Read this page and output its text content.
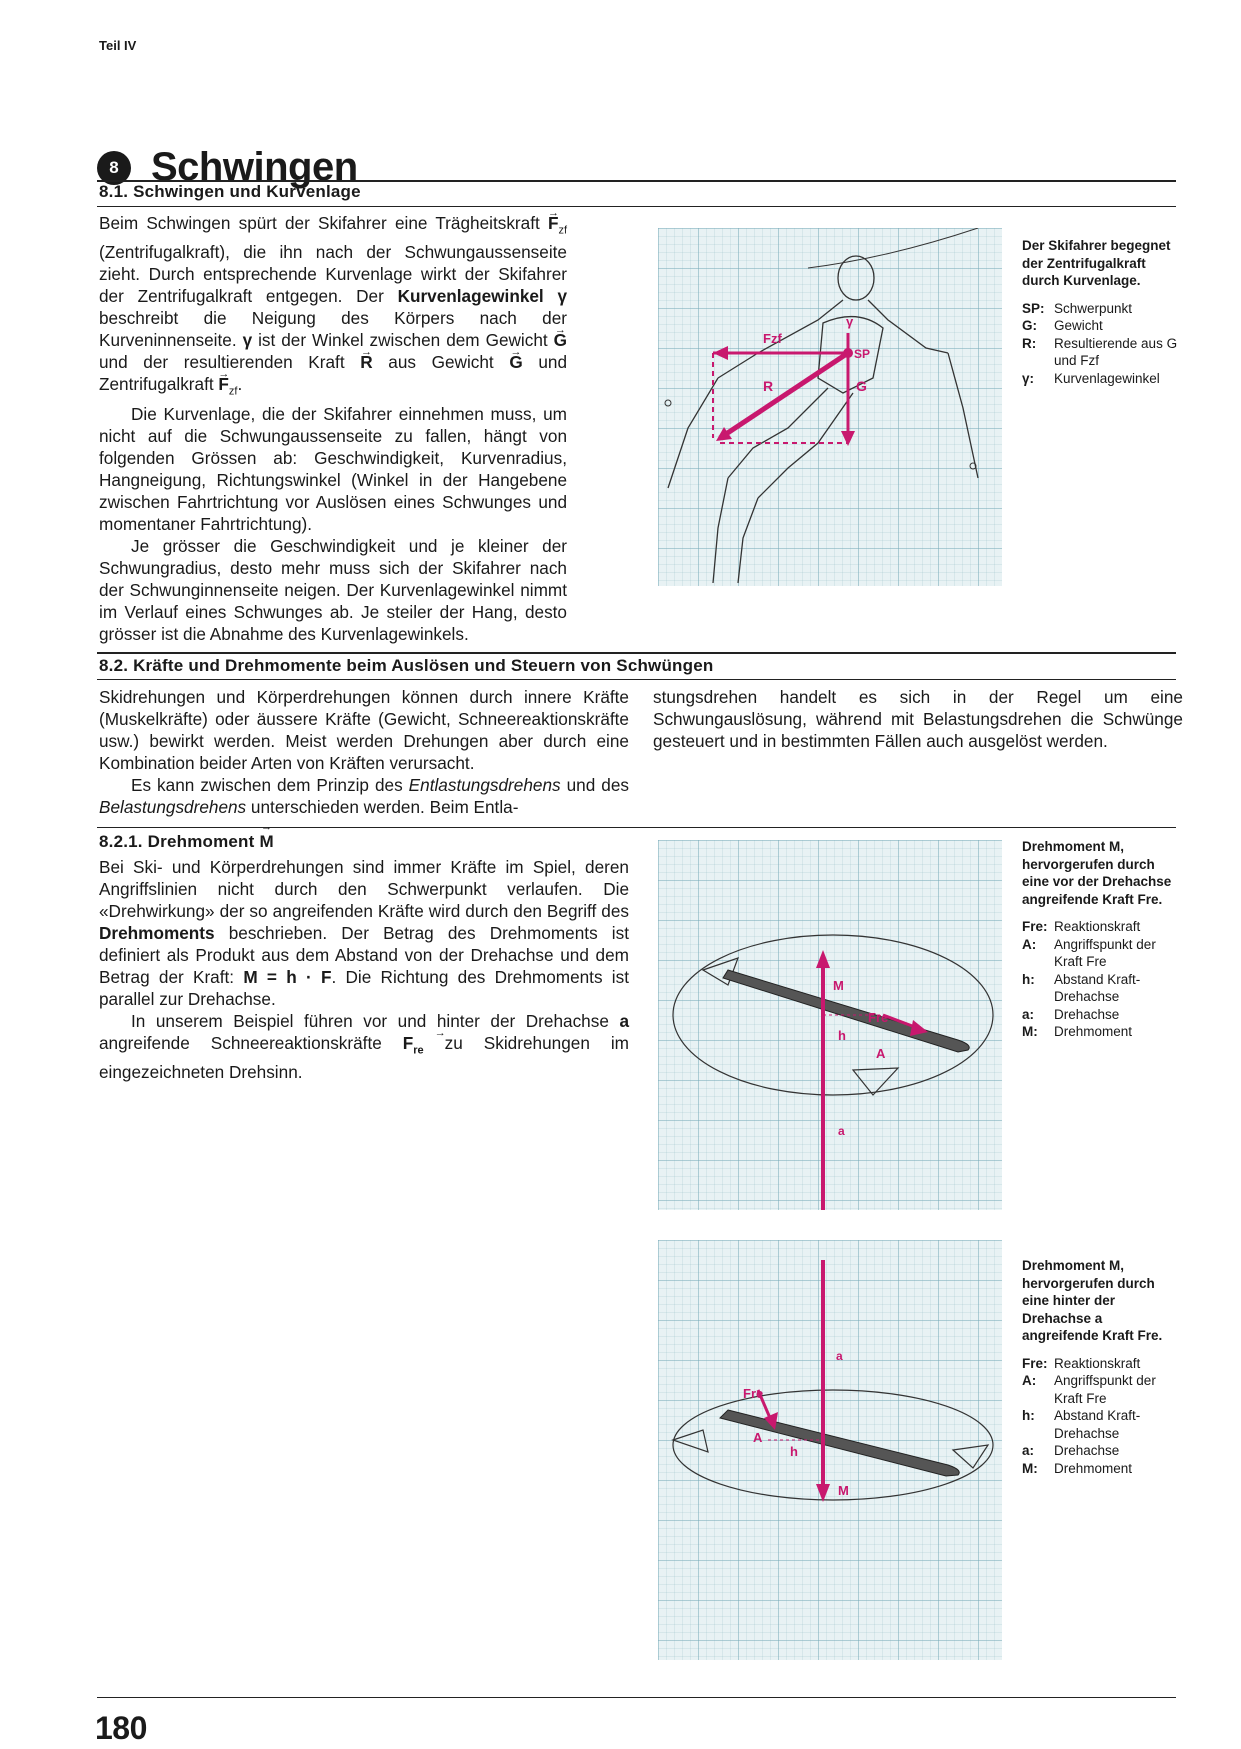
Teil IV
8 Schwingen
8.1. Schwingen und Kurvenlage

Beim Schwingen spürt der Skifahrer eine Trägheitskraft → $F_{zf}$ (Zentrifugalkraft), die ihn nach der Schwungaussenseite zieht. Durch entsprechende Kurvenlage wirkt der Skifahrer der Zentrifugalkraft entgegen. Der Kurvenlagewinkel γ beschreibt die Neigung des Körpers nach der Kurveninnenseite. γ ist der Winkel zwischen dem Gewicht → G und der resultierenden Kraft → R aus Gewicht → G und Zentrifugalkraft → $F_{zf}$.

Die Kurvenlage, die der Skifahrer einnehmen muss, um nicht auf die Schwungaussenseite zu fallen, hängt von folgenden Grössen ab: Geschwindigkeit, Kurvenradius, Hangneigung, Richtungswinkel (Winkel in der Hangebene zwischen Fahrtrichtung vor Auslösen eines Schwunges und momentaner Fahrtrichtung).

Je grösser die Geschwindigkeit und je kleiner der Schwungradius, desto mehr muss sich der Skifahrer nach der Schwunginnenseite neigen. Der Kurvenlagewinkel nimmt im Verlauf eines Schwunges ab. Je steiler der Hang, desto grösser ist die Abnahme des Kurvenlagewinkels.

Fzf
G
R
SP
γ
Der Skifahrer begegnet der Zentrifugalkraft durch Kurvenlage.
SP: Schwerpunkt
G:	Gewicht
R:	Resultierende aus G und Fzf
γ:	Kurvenlagewinkel
8.2. Kräfte und Drehmomente beim Auslösen und Steuern von Schwüngen

Skidrehungen und Körperdrehungen können durch innere Kräfte (Muskelkräfte) oder äussere Kräfte (Gewicht, Schneereaktionskräfte usw.) bewirkt werden. Meist werden Drehungen aber durch eine Kombination beider Arten von Kräften verursacht.

Es kann zwischen dem Prinzip des Entlastungsdrehens und des Belastungsdrehens unterschieden werden. Beim Entla-

stungsdrehen handelt es sich in der Regel um eine Schwungauslösung, während mit Belastungsdrehen die Schwünge gesteuert und in bestimmten Fällen auch ausgelöst werden.

8.2.1. Drehmoment → M

Bei Ski- und Körperdrehungen sind immer Kräfte im Spiel, deren Angriffslinien nicht durch den Schwerpunkt verlaufen. Die «Drehwirkung» der so angreifenden Kräfte wird durch den Begriff des Drehmoments beschrieben. Der Betrag des Drehmoments ist definiert als Produkt aus dem Abstand von der Drehachse und dem Betrag der Kraft: M = h · F. Die Richtung des Drehmoments ist parallel zur Drehachse.

In unserem Beispiel führen vor und hinter der Drehachse a angreifende Schneereaktionskräfte → $F_{re}$ zu Skidrehungen im eingezeichneten Drehsinn.

M
Fre
h
A
a
Drehmoment M, hervorgerufen durch eine vor der Drehachse angreifende Kraft Fre.
Fre: Reaktionskraft
A:	Angriffspunkt der Kraft Fre
h:	Abstand Kraft-Drehachse
a:	Drehachse
M:	Drehmoment
M
Fre
h
A
a
Drehmoment M, hervorgerufen durch eine hinter der Drehachse a angreifende Kraft Fre.
Fre: Reaktionskraft
A:	Angriffspunkt der Kraft Fre
h:	Abstand Kraft-Drehachse
a:	Drehachse
M:	Drehmoment
180
